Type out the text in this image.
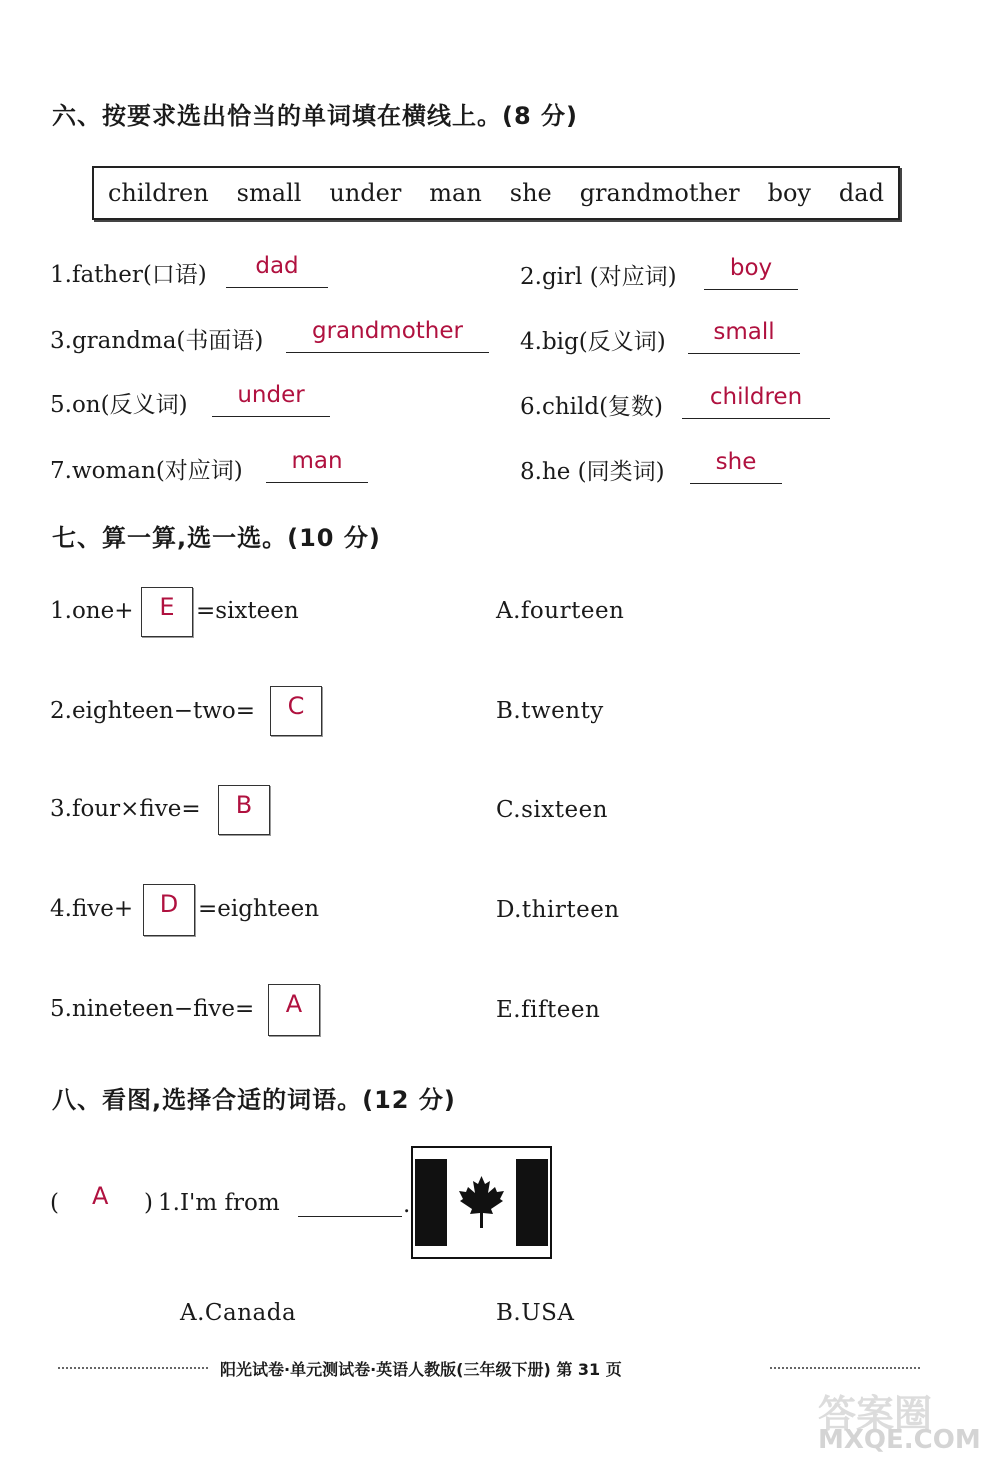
六、按要求选出恰当的单词填在横线上。(8 分)
children small under man she grandmother boy dad
1.father(口语)	dad
3.grandma(书面语)	grandmother
5.on(反义词)	under
7.woman(对应词)	man
2.girl (对应词)	boy
4.big(反义词)	small
6.child(复数)	children
8.he (同类词)	she
七、算一算,选一选。(10 分)
1.one+	E =sixteen
2.eighteen−two=	C
3.four×five=	B
4.five+	D =eighteen
5.nineteen−five=	A
A.fourteen
B.twenty
C.sixteen
D.thirteen
E.fifteen
八、看图,选择合适的词语。(12 分)
( A ) 1.I'm from	.
A.Canada	B.USA
阳光试卷·单元测试卷·英语人教版(三年级下册) 第 31 页
答案圈
MXQE.COM
